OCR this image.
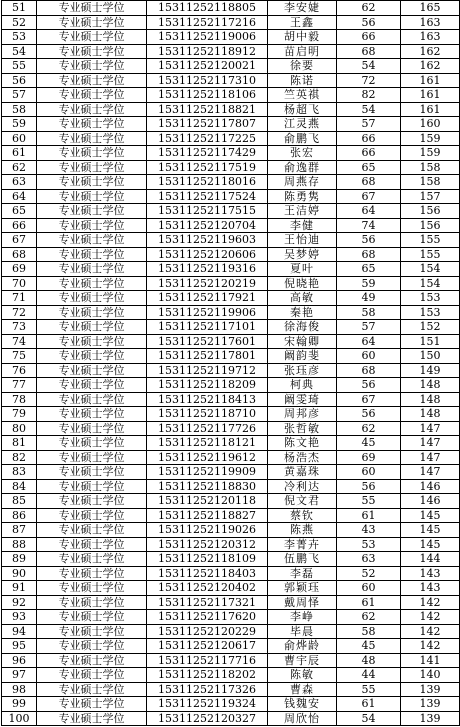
51	专业硕士学位	15311252118805	李安婕	62	165
52	专业硕士学位	15311252117216	王鑫	56	163
53	专业硕士学位	15311252119006	胡中毅	66	163
54	专业硕士学位	15311252118912	苗启明	68	162
55	专业硕士学位	15311252120021	徐要	54	162
56	专业硕士学位	15311252117310	陈诺	72	161
57	专业硕士学位	15311252118106	竺英祺	82	161
58	专业硕士学位	15311252118821	杨超飞	54	161
59	专业硕士学位	15311252117807	江灵燕	57	160
60	专业硕士学位	15311252117225	俞鹏飞	66	159
61	专业硕士学位	15311252117429	张宏	66	159
62	专业硕士学位	15311252117519	俞逸群	65	158
63	专业硕士学位	15311252118016	周燕存	68	158
64	专业硕士学位	15311252117524	陈勇隽	67	157
65	专业硕士学位	15311252117515	王洁婷	64	156
66	专业硕士学位	15311252120704	李健	74	156
67	专业硕士学位	15311252119603	王怡迪	56	155
68	专业硕士学位	15311252120606	吴梦婷	68	155
69	专业硕士学位	15311252119316	夏叶	65	154
70	专业硕士学位	15311252120219	倪晓艳	59	154
71	专业硕士学位	15311252117921	高敏	49	153
72	专业硕士学位	15311252119906	秦艳	58	153
73	专业硕士学位	15311252117101	徐海俊	57	152
74	专业硕士学位	15311252117601	宋翰卿	64	151
75	专业硕士学位	15311252117801	阚韵斐	60	150
76	专业硕士学位	15311252119712	张珏彦	68	149
77	专业硕士学位	15311252118209	柯典	56	148
78	专业硕士学位	15311252118413	阚雯琦	67	148
79	专业硕士学位	15311252118710	周邦彦	56	148
80	专业硕士学位	15311252117726	张哲敏	62	147
81	专业硕士学位	15311252118121	陈文艳	45	147
82	专业硕士学位	15311252119612	杨浩杰	69	147
83	专业硕士学位	15311252119909	黄嘉珠	60	147
84	专业硕士学位	15311252118830	冷利达	56	146
85	专业硕士学位	15311252120118	倪文君	55	146
86	专业硕士学位	15311252118827	蔡钦	61	145
87	专业硕士学位	15311252119026	陈燕	43	145
88	专业硕士学位	15311252120312	李菁卉	53	145
89	专业硕士学位	15311252118109	伍鹏飞	63	144
90	专业硕士学位	15311252118403	李磊	52	143
91	专业硕士学位	15311252120402	郭颖珏	60	143
92	专业硕士学位	15311252117321	戴周怿	61	142
93	专业硕士学位	15311252117620	李峥	62	142
94	专业硕士学位	15311252120229	毕晨	58	142
95	专业硕士学位	15311252120617	俞烨龄	45	142
96	专业硕士学位	15311252117716	曹宇辰	48	141
97	专业硕士学位	15311252118202	陈敏	44	140
98	专业硕士学位	15311252117326	曹森	55	139
99	专业硕士学位	15311252119324	钱魏安	61	139
100	专业硕士学位	15311252120327	周欣怡	54	139
